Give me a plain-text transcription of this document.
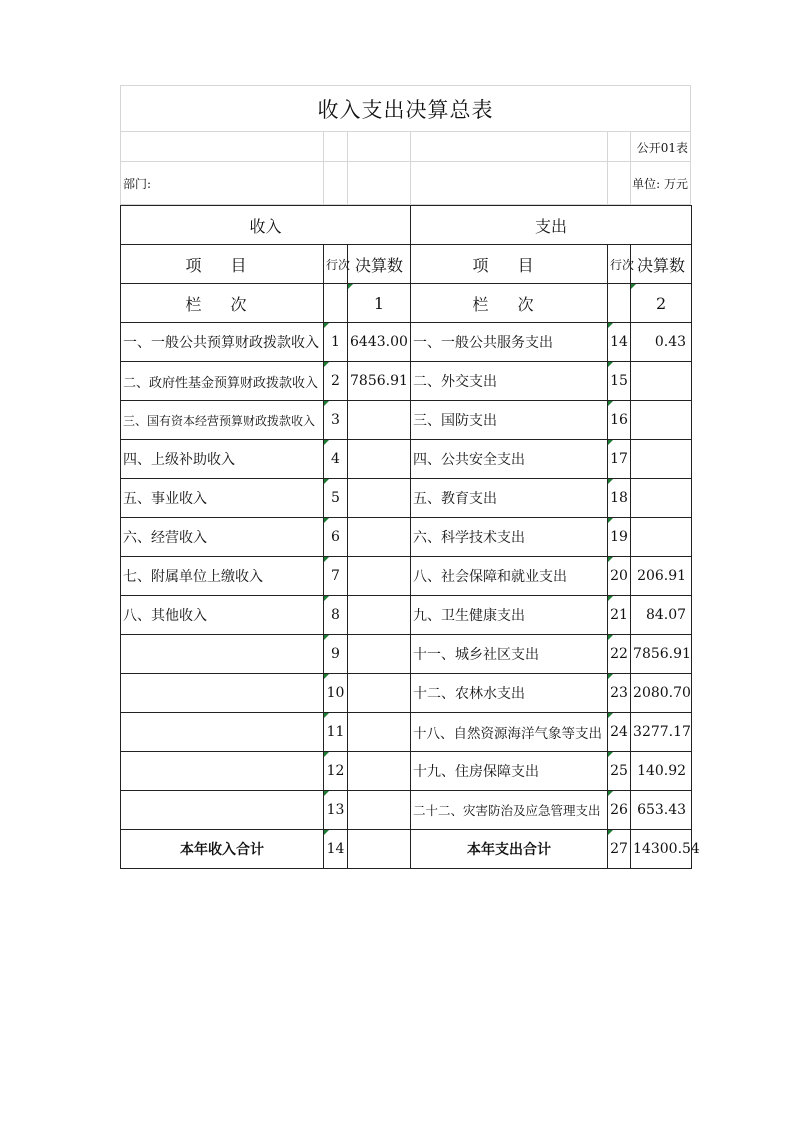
收入支出决算总表
公开01表
部门:	单位: 万元
收入			支出		
项 目	行次	决算数	项 目	行次	决算数
栏 次		1	栏 次		2
一、一般公共预算财政拨款收入	1	6443.00	一、一般公共服务支出	14	0.43
二、政府性基金预算财政拨款收入	2	7856.91	二、外交支出	15	
三、国有资本经营预算财政拨款收入	3		三、国防支出	16	
四、上级补助收入	4		四、公共安全支出	17	
五、事业收入	5		五、教育支出	18	
六、经营收入	6		六、科学技术支出	19	
七、附属单位上缴收入	7		八、社会保障和就业支出	20	206.91
八、其他收入	8		九、卫生健康支出	21	84.07
	9		十一、城乡社区支出	22	7856.91
	10		十二、农林水支出	23	2080.70
	11		十八、自然资源海洋气象等支出	24	3277.17
	12		十九、住房保障支出	25	140.92
	13		二十二、灾害防治及应急管理支出	26	653.43
本年收入合计	14		本年支出合计	27	14300.54
